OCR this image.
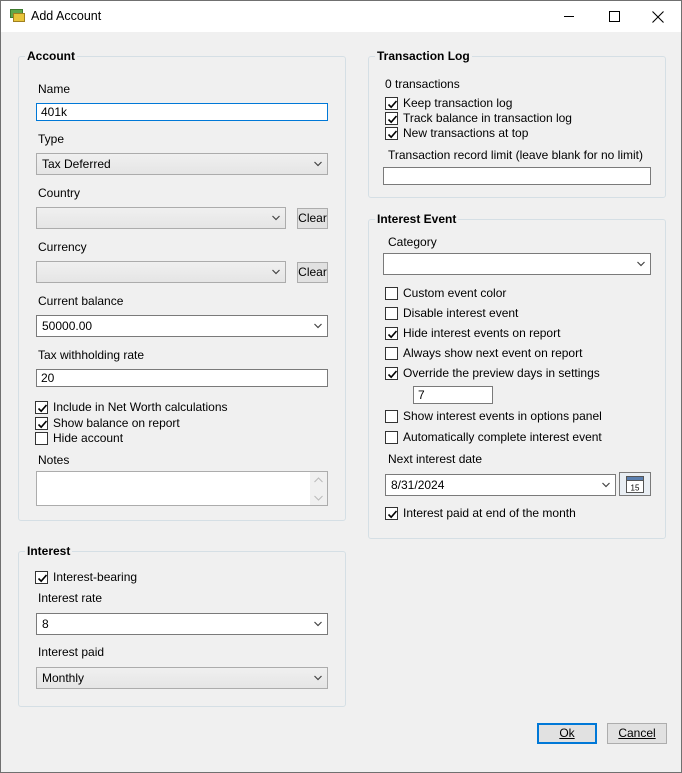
Add Account
Account
Name
401k
Type
Tax Deferred
Country
Clear
Currency
Clear
Current balance
50000.00
Tax withholding rate
20
Include in Net Worth calculations
Show balance on report
Hide account
Notes
Interest
Interest-bearing
Interest rate
8
Interest paid
Monthly
Transaction Log
0 transactions
Keep transaction log
Track balance in transaction log
New transactions at top
Transaction record limit (leave blank for no limit)
Interest Event
Category
Custom event color
Disable interest event
Hide interest events on report
Always show next event on report
Override the preview days in settings
7
Show interest events in options panel
Automatically complete interest event
Next interest date
8/31/2024	15
Interest paid at end of the month
Ok	Cancel
